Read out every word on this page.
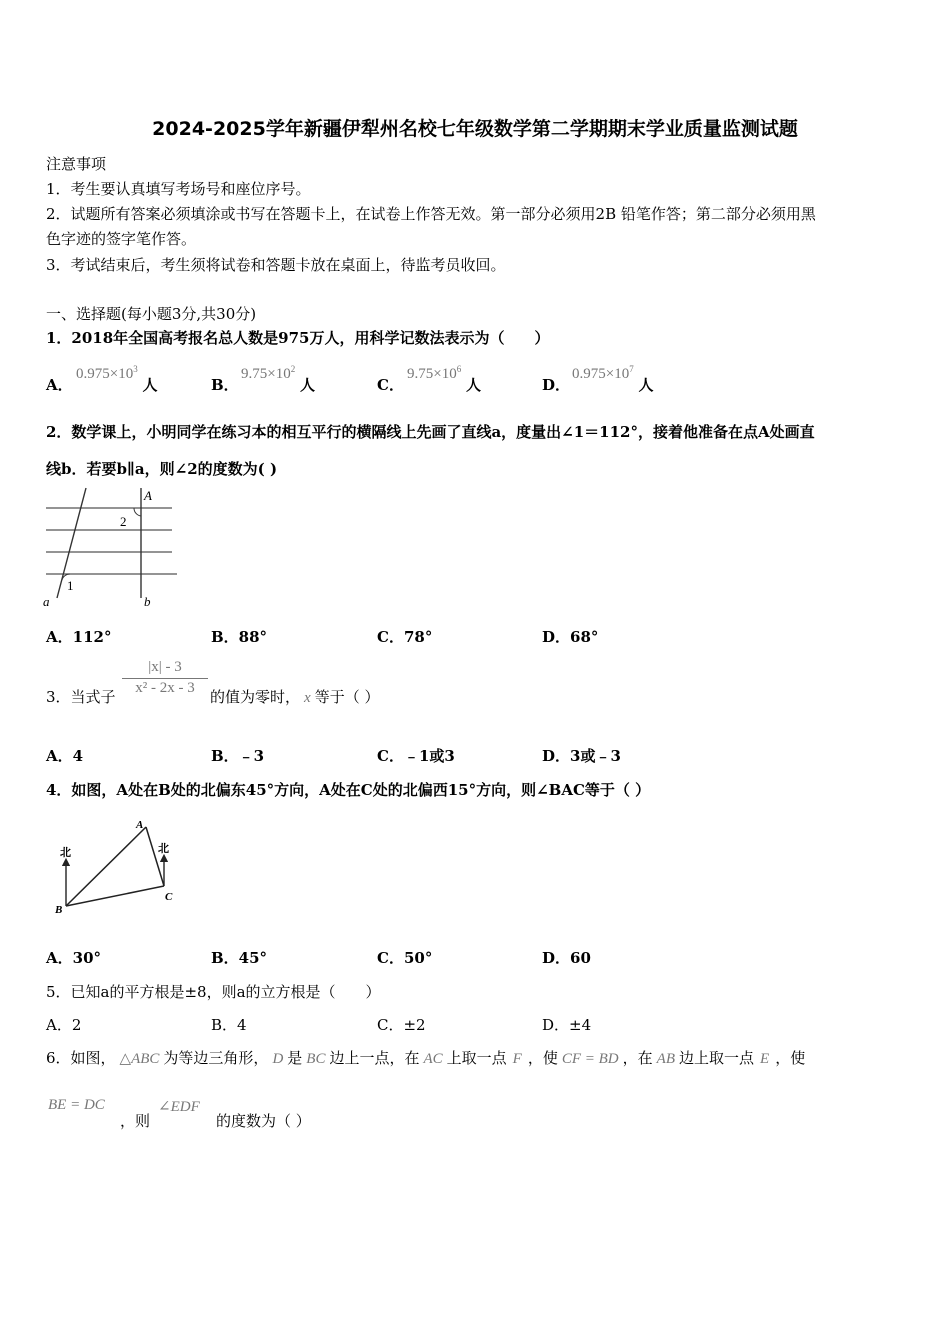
2024-2025学年新疆伊犁州名校七年级数学第二学期期末学业质量监测试题
注意事项
1．考生要认真填写考场号和座位序号。
2．试题所有答案必须填涂或书写在答题卡上，在试卷上作答无效。第一部分必须用2B 铅笔作答；第二部分必须用黑
色字迹的签字笔作答。
3．考试结束后，考生须将试卷和答题卡放在桌面上，待监考员收回。
一、选择题(每小题3分,共30分)
1．2018年全国高考报名总人数是975万人，用科学记数法表示为（　　）
A．
$0.975\times 10^3$ 人	B．
$9.75\times 10^2$ 人	C．
$9.75\times 10^6$ 人	D．
$0.975\times 10^7$ 人
2．数学课上，小明同学在练习本的相互平行的横隔线上先画了直线a，度量出∠1＝112°，接着他准备在点A处画直
线b．若要b∥a，则∠2的度数为( )
A
2
1
a	b
A．112°	B．88°	C．78°	D．68°
3．当式子
|x| - 3
x² - 2x - 3	的值为零时， x 等于（ ）
A．4	B．﹣3	C．﹣1或3	D．3或﹣3
4．如图，A处在B处的北偏东45°方向，A处在C处的北偏西15°方向，则∠BAC等于（ ）
北	北
A
B
C
A．30°	B．45°	C．50°	D．60
5．已知a的平方根是±8，则a的立方根是（　　）
A．2	B．4	C．±2	D．±4
6．如图， △ABC 为等边三角形， D 是 BC 边上一点，在 AC 上取一点 F ，使 CF = BD ，在 AB 边上取一点 E ，使
BE = DC
，则
∠EDF
的度数为（ ）
